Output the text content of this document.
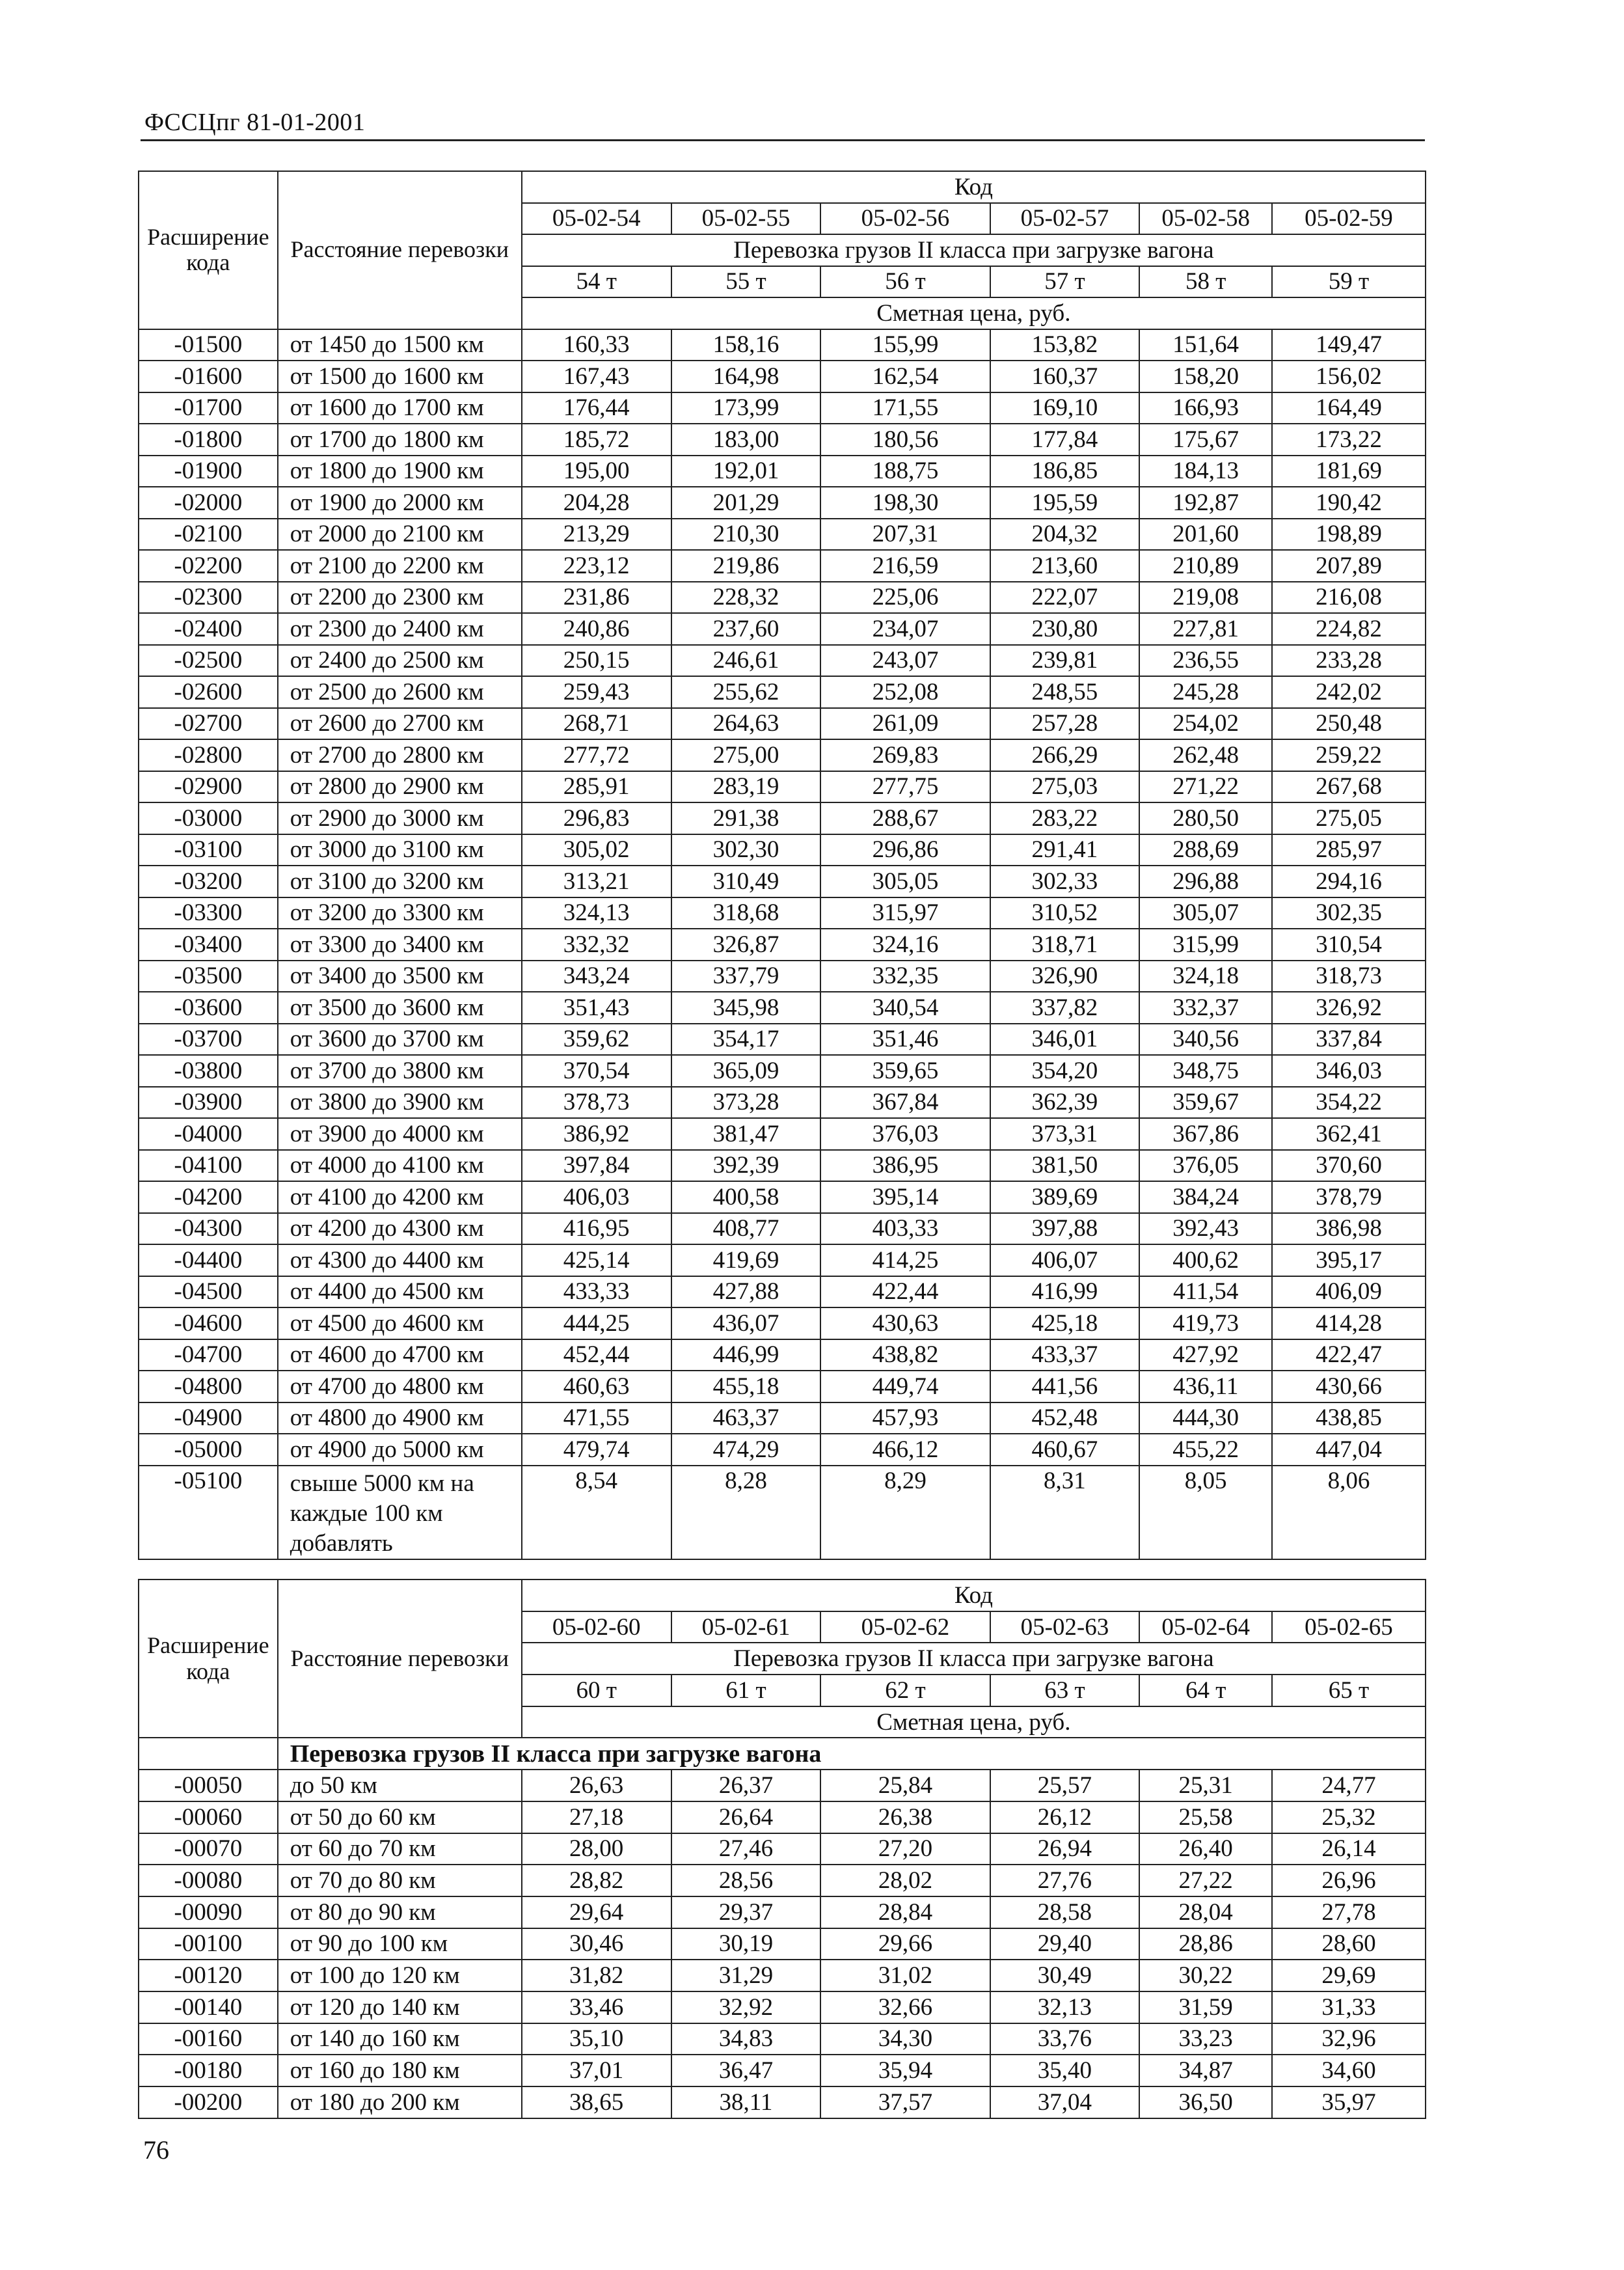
ФССЦпг 81-01-2001
Расширение кода	Расстояние перевозки	Код					
		05-02-54	05-02-55	05-02-56	05-02-57	05-02-58	05-02-59
		Перевозка грузов II класса при загрузке вагона					
		54 т	55 т	56 т	57 т	58 т	59 т
		Сметная цена, руб.					
-01500	от 1450 до 1500 км	160,33	158,16	155,99	153,82	151,64	149,47
-01600	от 1500 до 1600 км	167,43	164,98	162,54	160,37	158,20	156,02
-01700	от 1600 до 1700 км	176,44	173,99	171,55	169,10	166,93	164,49
-01800	от 1700 до 1800 км	185,72	183,00	180,56	177,84	175,67	173,22
-01900	от 1800 до 1900 км	195,00	192,01	188,75	186,85	184,13	181,69
-02000	от 1900 до 2000 км	204,28	201,29	198,30	195,59	192,87	190,42
-02100	от 2000 до 2100 км	213,29	210,30	207,31	204,32	201,60	198,89
-02200	от 2100 до 2200 км	223,12	219,86	216,59	213,60	210,89	207,89
-02300	от 2200 до 2300 км	231,86	228,32	225,06	222,07	219,08	216,08
-02400	от 2300 до 2400 км	240,86	237,60	234,07	230,80	227,81	224,82
-02500	от 2400 до 2500 км	250,15	246,61	243,07	239,81	236,55	233,28
-02600	от 2500 до 2600 км	259,43	255,62	252,08	248,55	245,28	242,02
-02700	от 2600 до 2700 км	268,71	264,63	261,09	257,28	254,02	250,48
-02800	от 2700 до 2800 км	277,72	275,00	269,83	266,29	262,48	259,22
-02900	от 2800 до 2900 км	285,91	283,19	277,75	275,03	271,22	267,68
-03000	от 2900 до 3000 км	296,83	291,38	288,67	283,22	280,50	275,05
-03100	от 3000 до 3100 км	305,02	302,30	296,86	291,41	288,69	285,97
-03200	от 3100 до 3200 км	313,21	310,49	305,05	302,33	296,88	294,16
-03300	от 3200 до 3300 км	324,13	318,68	315,97	310,52	305,07	302,35
-03400	от 3300 до 3400 км	332,32	326,87	324,16	318,71	315,99	310,54
-03500	от 3400 до 3500 км	343,24	337,79	332,35	326,90	324,18	318,73
-03600	от 3500 до 3600 км	351,43	345,98	340,54	337,82	332,37	326,92
-03700	от 3600 до 3700 км	359,62	354,17	351,46	346,01	340,56	337,84
-03800	от 3700 до 3800 км	370,54	365,09	359,65	354,20	348,75	346,03
-03900	от 3800 до 3900 км	378,73	373,28	367,84	362,39	359,67	354,22
-04000	от 3900 до 4000 км	386,92	381,47	376,03	373,31	367,86	362,41
-04100	от 4000 до 4100 км	397,84	392,39	386,95	381,50	376,05	370,60
-04200	от 4100 до 4200 км	406,03	400,58	395,14	389,69	384,24	378,79
-04300	от 4200 до 4300 км	416,95	408,77	403,33	397,88	392,43	386,98
-04400	от 4300 до 4400 км	425,14	419,69	414,25	406,07	400,62	395,17
-04500	от 4400 до 4500 км	433,33	427,88	422,44	416,99	411,54	406,09
-04600	от 4500 до 4600 км	444,25	436,07	430,63	425,18	419,73	414,28
-04700	от 4600 до 4700 км	452,44	446,99	438,82	433,37	427,92	422,47
-04800	от 4700 до 4800 км	460,63	455,18	449,74	441,56	436,11	430,66
-04900	от 4800 до 4900 км	471,55	463,37	457,93	452,48	444,30	438,85
-05000	от 4900 до 5000 км	479,74	474,29	466,12	460,67	455,22	447,04
-05100	свыше 5000 км на каждые 100 км добавлять	8,54	8,28	8,29	8,31	8,05	8,06
Расширение кода	Расстояние перевозки	Код					
		05-02-60	05-02-61	05-02-62	05-02-63	05-02-64	05-02-65
		Перевозка грузов II класса при загрузке вагона					
		60 т	61 т	62 т	63 т	64 т	65 т
		Сметная цена, руб.					
	Перевозка грузов II класса при загрузке вагона						
-00050	до 50 км	26,63	26,37	25,84	25,57	25,31	24,77
-00060	от 50 до 60 км	27,18	26,64	26,38	26,12	25,58	25,32
-00070	от 60 до 70 км	28,00	27,46	27,20	26,94	26,40	26,14
-00080	от 70 до 80 км	28,82	28,56	28,02	27,76	27,22	26,96
-00090	от 80 до 90 км	29,64	29,37	28,84	28,58	28,04	27,78
-00100	от 90 до 100 км	30,46	30,19	29,66	29,40	28,86	28,60
-00120	от 100 до 120 км	31,82	31,29	31,02	30,49	30,22	29,69
-00140	от 120 до 140 км	33,46	32,92	32,66	32,13	31,59	31,33
-00160	от 140 до 160 км	35,10	34,83	34,30	33,76	33,23	32,96
-00180	от 160 до 180 км	37,01	36,47	35,94	35,40	34,87	34,60
-00200	от 180 до 200 км	38,65	38,11	37,57	37,04	36,50	35,97
76
